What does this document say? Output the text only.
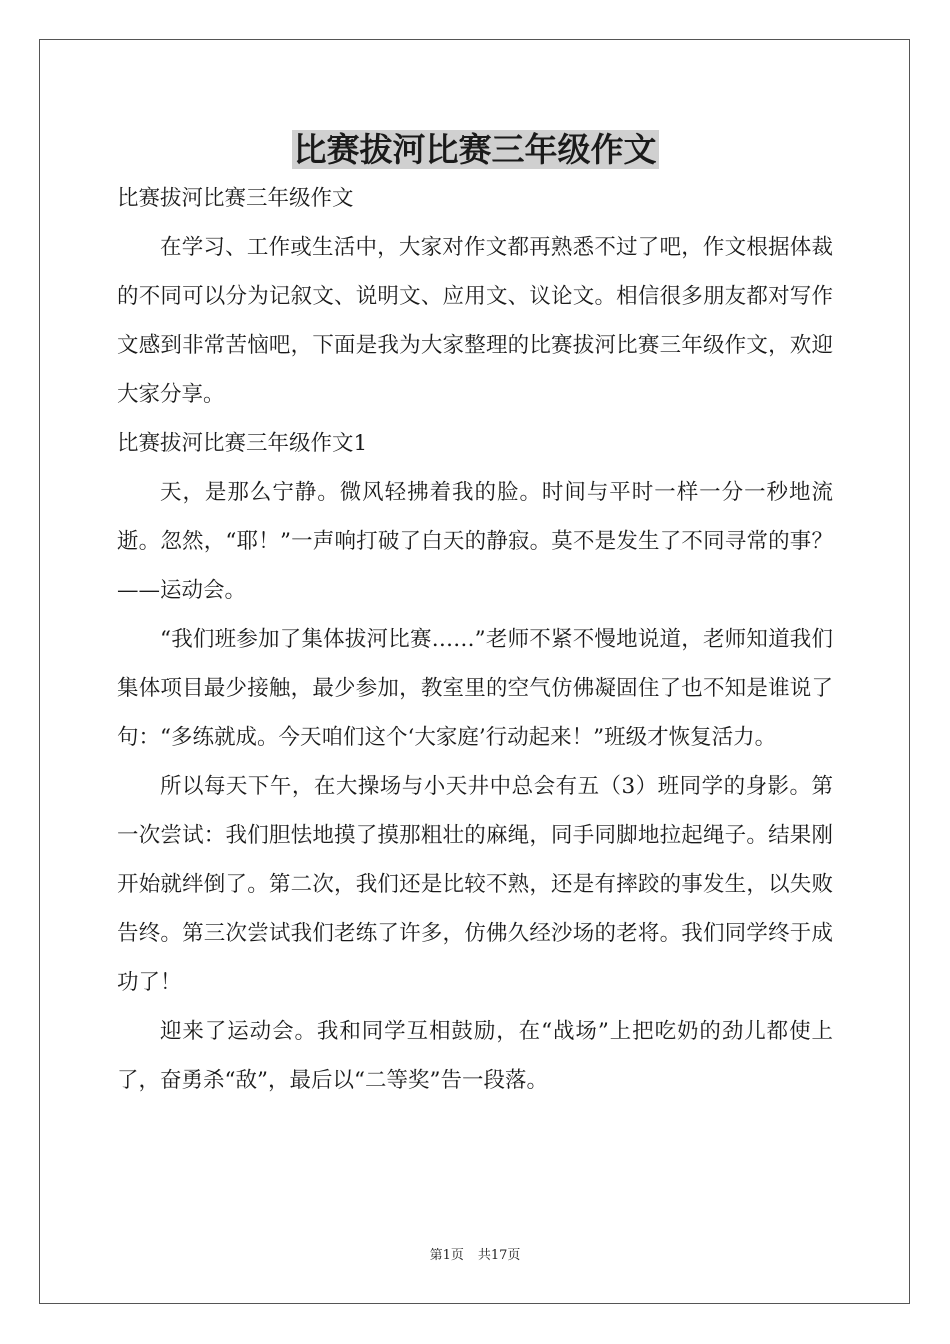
比赛拔河比赛三年级作文

比赛拔河比赛三年级作文

在学习、工作或生活中，大家对作文都再熟悉不过了吧，作文根据体裁的不同可以分为记叙文、说明文、应用文、议论文。相信很多朋友都对写作文感到非常苦恼吧，下面是我为大家整理的比赛拔河比赛三年级作文，欢迎大家分享。

比赛拔河比赛三年级作文1

天，是那么宁静。微风轻拂着我的脸。时间与平时一样一分一秒地流逝。忽然，“耶！”一声响打破了白天的静寂。莫不是发生了不同寻常的事？——运动会。

“我们班参加了集体拔河比赛……”老师不紧不慢地说道，老师知道我们集体项目最少接触，最少参加，教室里的空气仿佛凝固住了也不知是谁说了句：“多练就成。今天咱们这个‘大家庭’行动起来！”班级才恢复活力。

所以每天下午，在大操场与小天井中总会有五（3）班同学的身影。第一次尝试：我们胆怯地摸了摸那粗壮的麻绳，同手同脚地拉起绳子。结果刚开始就绊倒了。第二次，我们还是比较不熟，还是有摔跤的事发生，以失败告终。第三次尝试我们老练了许多，仿佛久经沙场的老将。我们同学终于成功了！

迎来了运动会。我和同学互相鼓励，在“战场”上把吃奶的劲儿都使上了，奋勇杀“敌”，最后以“二等奖”告一段落。

第1页 共17页
